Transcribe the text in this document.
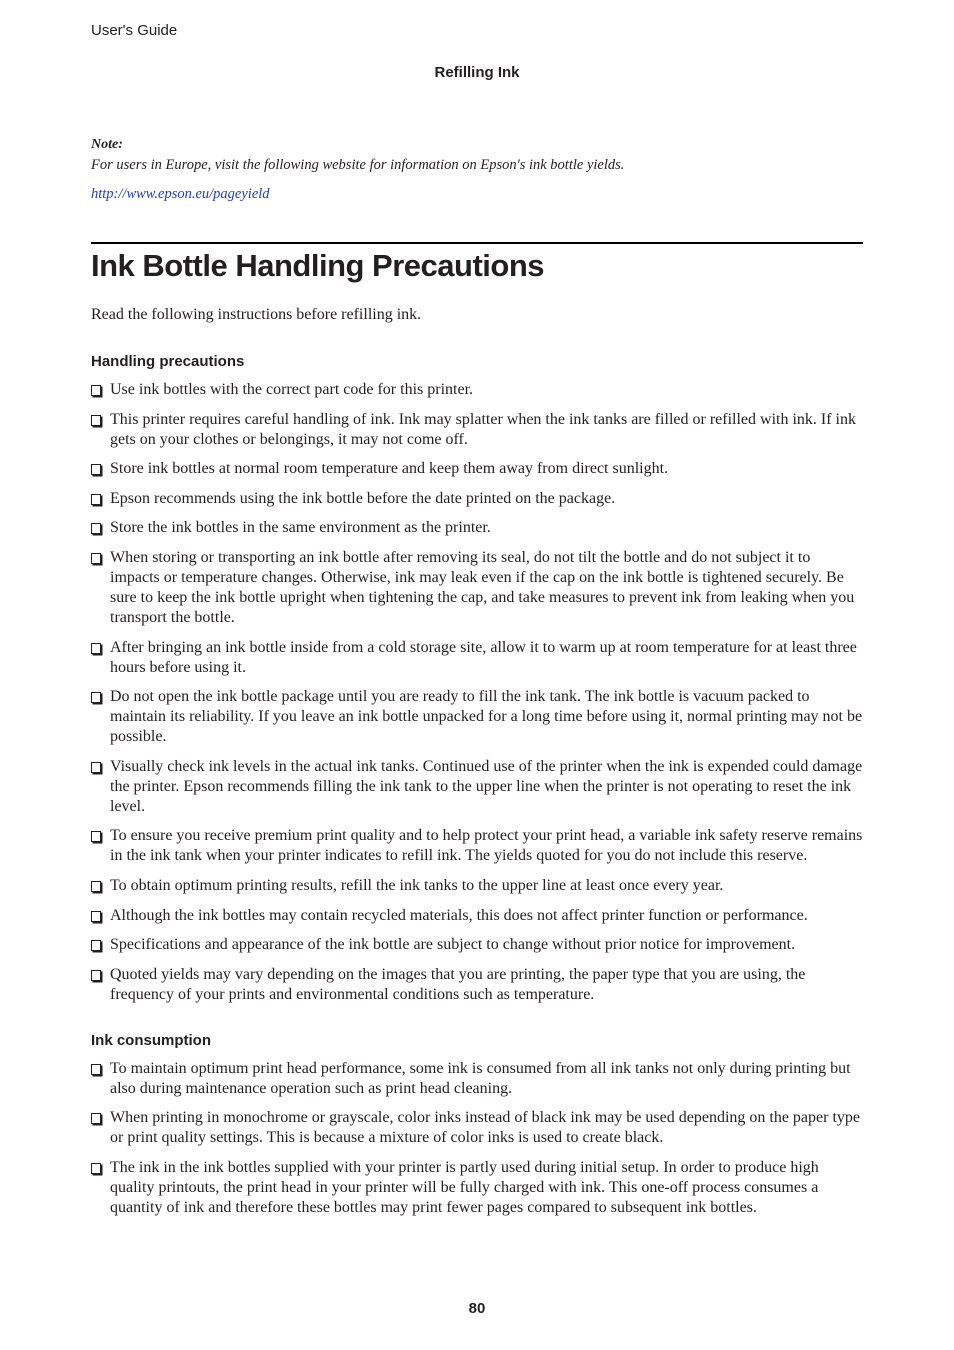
User's Guide
Refilling Ink
Note:
For users in Europe, visit the following website for information on Epson's ink bottle yields.
http://www.epson.eu/pageyield
Ink Bottle Handling Precautions
Read the following instructions before refilling ink.
Handling precautions
Use ink bottles with the correct part code for this printer.
This printer requires careful handling of ink. Ink may splatter when the ink tanks are filled or refilled with ink. If ink gets on your clothes or belongings, it may not come off.
Store ink bottles at normal room temperature and keep them away from direct sunlight.
Epson recommends using the ink bottle before the date printed on the package.
Store the ink bottles in the same environment as the printer.
When storing or transporting an ink bottle after removing its seal, do not tilt the bottle and do not subject it to impacts or temperature changes. Otherwise, ink may leak even if the cap on the ink bottle is tightened securely. Be sure to keep the ink bottle upright when tightening the cap, and take measures to prevent ink from leaking when you transport the bottle.
After bringing an ink bottle inside from a cold storage site, allow it to warm up at room temperature for at least three hours before using it.
Do not open the ink bottle package until you are ready to fill the ink tank. The ink bottle is vacuum packed to maintain its reliability. If you leave an ink bottle unpacked for a long time before using it, normal printing may not be possible.
Visually check ink levels in the actual ink tanks. Continued use of the printer when the ink is expended could damage the printer. Epson recommends filling the ink tank to the upper line when the printer is not operating to reset the ink level.
To ensure you receive premium print quality and to help protect your print head, a variable ink safety reserve remains in the ink tank when your printer indicates to refill ink. The yields quoted for you do not include this reserve.
To obtain optimum printing results, refill the ink tanks to the upper line at least once every year.
Although the ink bottles may contain recycled materials, this does not affect printer function or performance.
Specifications and appearance of the ink bottle are subject to change without prior notice for improvement.
Quoted yields may vary depending on the images that you are printing, the paper type that you are using, the frequency of your prints and environmental conditions such as temperature.
Ink consumption
To maintain optimum print head performance, some ink is consumed from all ink tanks not only during printing but also during maintenance operation such as print head cleaning.
When printing in monochrome or grayscale, color inks instead of black ink may be used depending on the paper type or print quality settings. This is because a mixture of color inks is used to create black.
The ink in the ink bottles supplied with your printer is partly used during initial setup. In order to produce high quality printouts, the print head in your printer will be fully charged with ink. This one-off process consumes a quantity of ink and therefore these bottles may print fewer pages compared to subsequent ink bottles.
80
